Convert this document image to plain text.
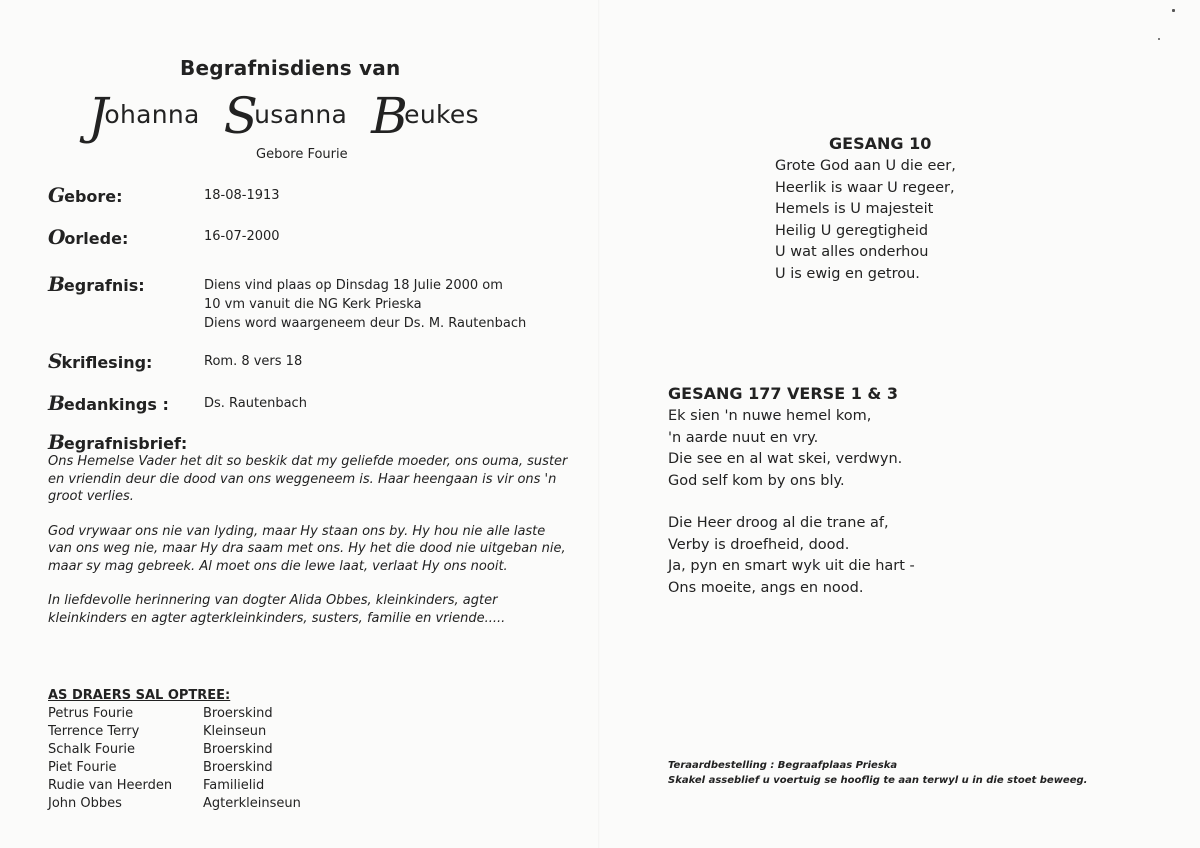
Begrafnisdiens van
Johanna Susanna Beukes
Gebore Fourie
Gebore:	18-08-1913
Oorlede:	16-07-2000
Begrafnis:	Diens vind plaas op Dinsdag 18 Julie 2000 om
10 vm vanuit die NG Kerk Prieska
Diens word waargeneem deur Ds. M. Rautenbach
Skriflesing:	Rom. 8 vers 18
Bedankings :	Ds. Rautenbach
Begrafnisbrief:

Ons Hemelse Vader het dit so beskik dat my geliefde moeder, ons ouma, suster en vriendin deur die dood van ons weggeneem is. Haar heengaan is vir ons 'n groot verlies.

God vrywaar ons nie van lyding, maar Hy staan ons by. Hy hou nie alle laste van ons weg nie, maar Hy dra saam met ons. Hy het die dood nie uitgeban nie, maar sy mag gebreek. Al moet ons die lewe laat, verlaat Hy ons nooit.

In liefdevolle herinnering van dogter Alida Obbes, kleinkinders, agter kleinkinders en agter agterkleinkinders, susters, familie en vriende.....

AS DRAERS SAL OPTREE:
Petrus Fourie	Broerskind
Terrence Terry	Kleinseun
Schalk Fourie	Broerskind
Piet Fourie	Broerskind
Rudie van Heerden	Familielid
John Obbes	Agterkleinseun
GESANG 10
Grote God aan U die eer,
Heerlik is waar U regeer,
Hemels is U majesteit
Heilig U geregtigheid
U wat alles onderhou
U is ewig en getrou.
GESANG 177 VERSE 1 & 3
Ek sien 'n nuwe hemel kom,
'n aarde nuut en vry.
Die see en al wat skei, verdwyn.
God self kom by ons bly.
Die Heer droog al die trane af,
Verby is droefheid, dood.
Ja, pyn en smart wyk uit die hart -
Ons moeite, angs en nood.
Teraardbestelling : Begraafplaas Prieska
Skakel asseblief u voertuig se hooflig te aan terwyl u in die stoet beweeg.
